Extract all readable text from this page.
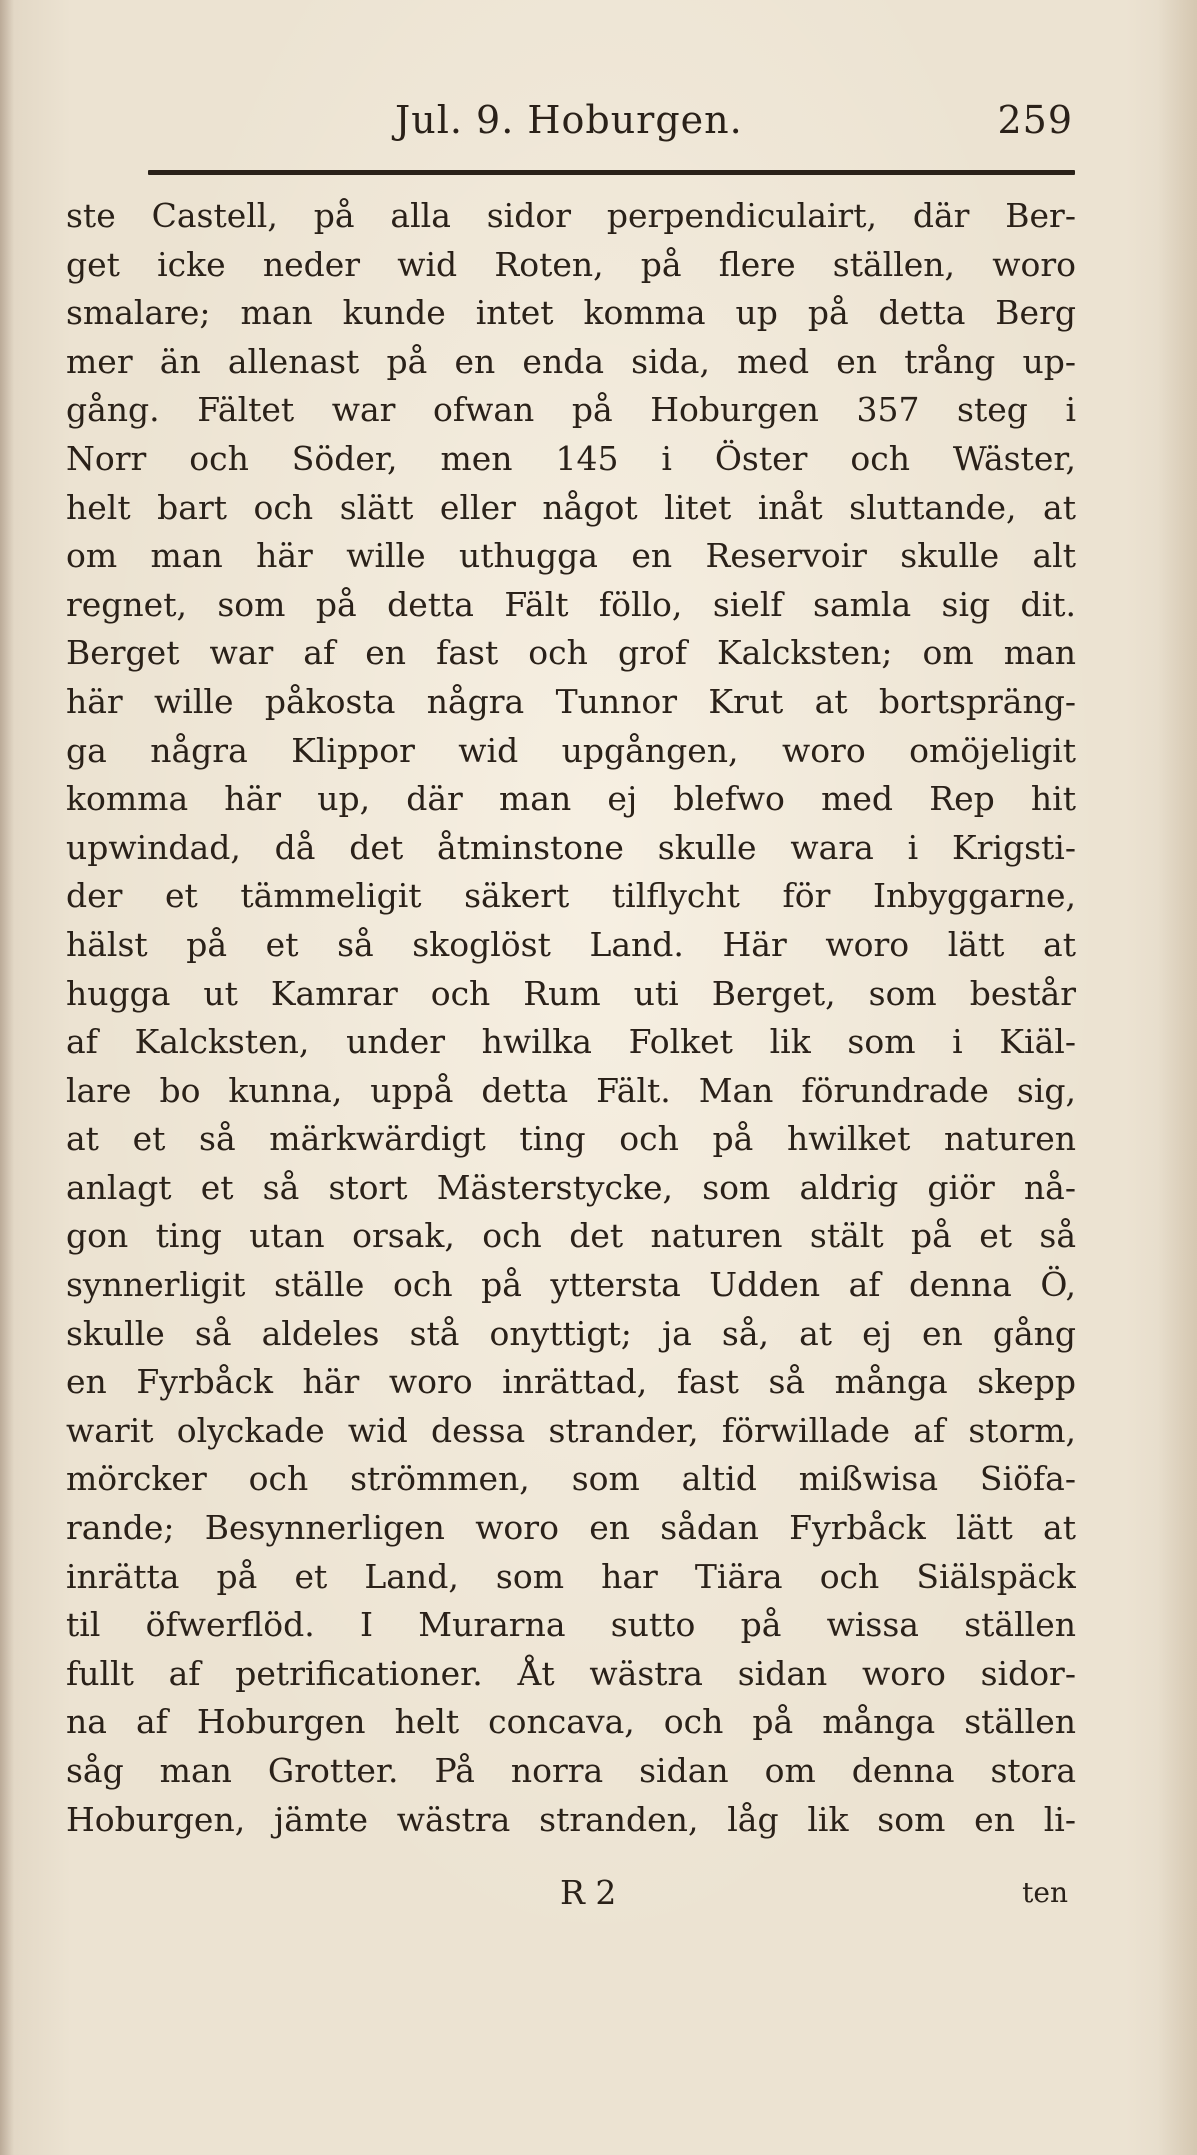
Jul. 9. Hoburgen.	259
ste Castell, på alla sidor perpendiculairt, där Ber-
get icke neder wid Roten, på flere ställen, woro
smalare; man kunde intet komma up på detta Berg
mer än allenast på en enda sida, med en trång up-
gång. Fältet war ofwan på Hoburgen 357 steg i
Norr och Söder, men 145 i Öster och Wäster,
helt bart och slätt eller något litet inåt sluttande, at
om man här wille uthugga en Reservoir skulle alt
regnet, som på detta Fält föllo, sielf samla sig dit.
Berget war af en fast och grof Kalcksten; om man
här wille påkosta några Tunnor Krut at bortspräng-
ga några Klippor wid upgången, woro omöjeligit
komma här up, där man ej blefwo med Rep hit
upwindad, då det åtminstone skulle wara i Krigsti-
der et tämmeligit säkert tilflycht för Inbyggarne,
hälst på et så skoglöst Land. Här woro lätt at
hugga ut Kamrar och Rum uti Berget, som består
af Kalcksten, under hwilka Folket lik som i Kiäl-
lare bo kunna, uppå detta Fält. Man förundrade sig,
at et så märkwärdigt ting och på hwilket naturen
anlagt et så stort Mästerstycke, som aldrig giör nå-
gon ting utan orsak, och det naturen stält på et så
synnerligit ställe och på yttersta Udden af denna Ö,
skulle så aldeles stå onyttigt; ja så, at ej en gång
en Fyrbåck här woro inrättad, fast så många skepp
warit olyckade wid dessa strander, förwillade af storm,
mörcker och strömmen, som altid mißwisa Siöfa-
rande; Besynnerligen woro en sådan Fyrbåck lätt at
inrätta på et Land, som har Tiära och Siälspäck
til öfwerflöd. I Murarna sutto på wissa ställen
fullt af petrificationer. Åt wästra sidan woro sidor-
na af Hoburgen helt concava, och på många ställen
såg man Grotter. På norra sidan om denna stora
Hoburgen, jämte wästra stranden, låg lik som en li-
R 2	ten
